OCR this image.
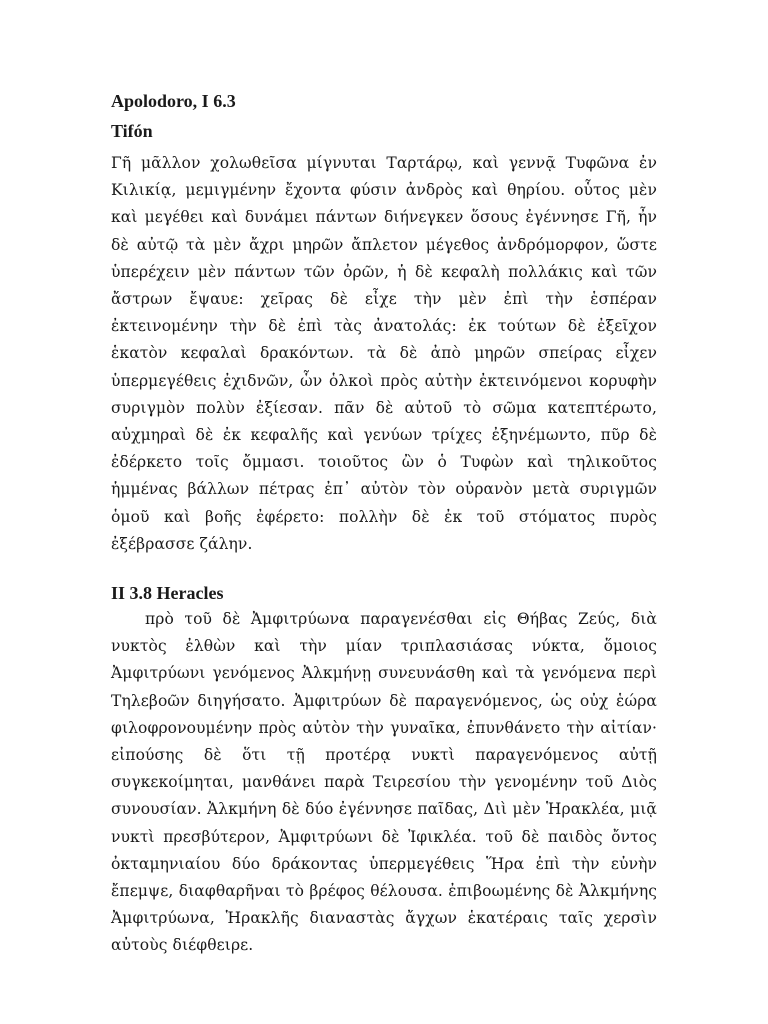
Apolodoro, I 6.3
Tifón

Γῆ μᾶλλον χολωθεῖσα μίγνυται Ταρτάρῳ, καὶ γεννᾷ Τυφῶνα ἐν Κιλικίᾳ, μεμιγμένην ἔχοντα φύσιν ἀνδρὸς καὶ θηρίου. οὗτος μὲν καὶ μεγέθει καὶ δυνάμει πάντων διήνεγκεν ὅσους ἐγέννησε Γῆ, ἦν δὲ αὐτῷ τὰ μὲν ἄχρι μηρῶν ἄπλετον μέγεθος ἀνδρόμορφον, ὥστε ὑπερέχειν μὲν πάντων τῶν ὀρῶν, ἡ δὲ κεφαλὴ πολλάκις καὶ τῶν ἄστρων ἔψαυε: χεῖρας δὲ εἶχε τὴν μὲν ἐπὶ τὴν ἑσπέραν ἐκτεινομένην τὴν δὲ ἐπὶ τὰς ἀνατολάς: ἐκ τούτων δὲ ἐξεῖχον ἑκατὸν κεφαλαὶ δρακόντων. τὰ δὲ ἀπὸ μηρῶν σπείρας εἶχεν ὑπερμεγέθεις ἐχιδνῶν, ὧν ὁλκοὶ πρὸς αὐτὴν ἐκτεινόμενοι κορυφὴν συριγμὸν πολὺν ἐξίεσαν. πᾶν δὲ αὐτοῦ τὸ σῶμα κατεπτέρωτο, αὐχμηραὶ δὲ ἐκ κεφαλῆς καὶ γενύων τρίχες ἐξηνέμωντο, πῦρ δὲ ἐδέρκετο τοῖς ὄμμασι. τοιοῦτος ὢν ὁ Τυφὼν καὶ τηλικοῦτος ἡμμένας βάλλων πέτρας ἐπ᾽ αὐτὸν τὸν οὐρανὸν μετὰ συριγμῶν ὁμοῦ καὶ βοῆς ἐφέρετο: πολλὴν δὲ ἐκ τοῦ στόματος πυρὸς ἐξέβρασσε ζάλην.

II 3.8 Heracles

πρὸ τοῦ δὲ Ἀμφιτρύωνα παραγενέσθαι εἰς Θήβας Ζεύς, διὰ νυκτὸς ἐλθὼν καὶ τὴν μίαν τριπλασιάσας νύκτα, ὅμοιος Ἀμφιτρύωνι γενόμενος Ἀλκμήνῃ συνευνάσθη καὶ τὰ γενόμενα περὶ Τηλεβοῶν διηγήσατο. Ἀμφιτρύων δὲ παραγενόμενος, ὡς οὐχ ἑώρα φιλοφρονουμένην πρὸς αὐτὸν τὴν γυναῖκα, ἐπυνθάνετο τὴν αἰτίαν· εἰπούσης δὲ ὅτι τῇ προτέρᾳ νυκτὶ παραγενόμενος αὐτῇ συγκεκοίμηται, μανθάνει παρὰ Τειρεσίου τὴν γενομένην τοῦ Διὸς συνουσίαν. Ἀλκμήνη δὲ δύο ἐγέννησε παῖδας, Διὶ μὲν Ἡρακλέα, μιᾷ νυκτὶ πρεσβύτερον, Ἀμφιτρύωνι δὲ Ἰφικλέα. τοῦ δὲ παιδὸς ὄντος ὀκταμηνιαίου δύο δράκοντας ὑπερμεγέθεις Ἥρα ἐπὶ τὴν εὐνὴν ἔπεμψε, διαφθαρῆναι τὸ βρέφος θέλουσα. ἐπιβοωμένης δὲ Ἀλκμήνης Ἀμφιτρύωνα, Ἡρακλῆς διαναστὰς ἄγχων ἑκατέραις ταῖς χερσὶν αὐτοὺς διέφθειρε.
